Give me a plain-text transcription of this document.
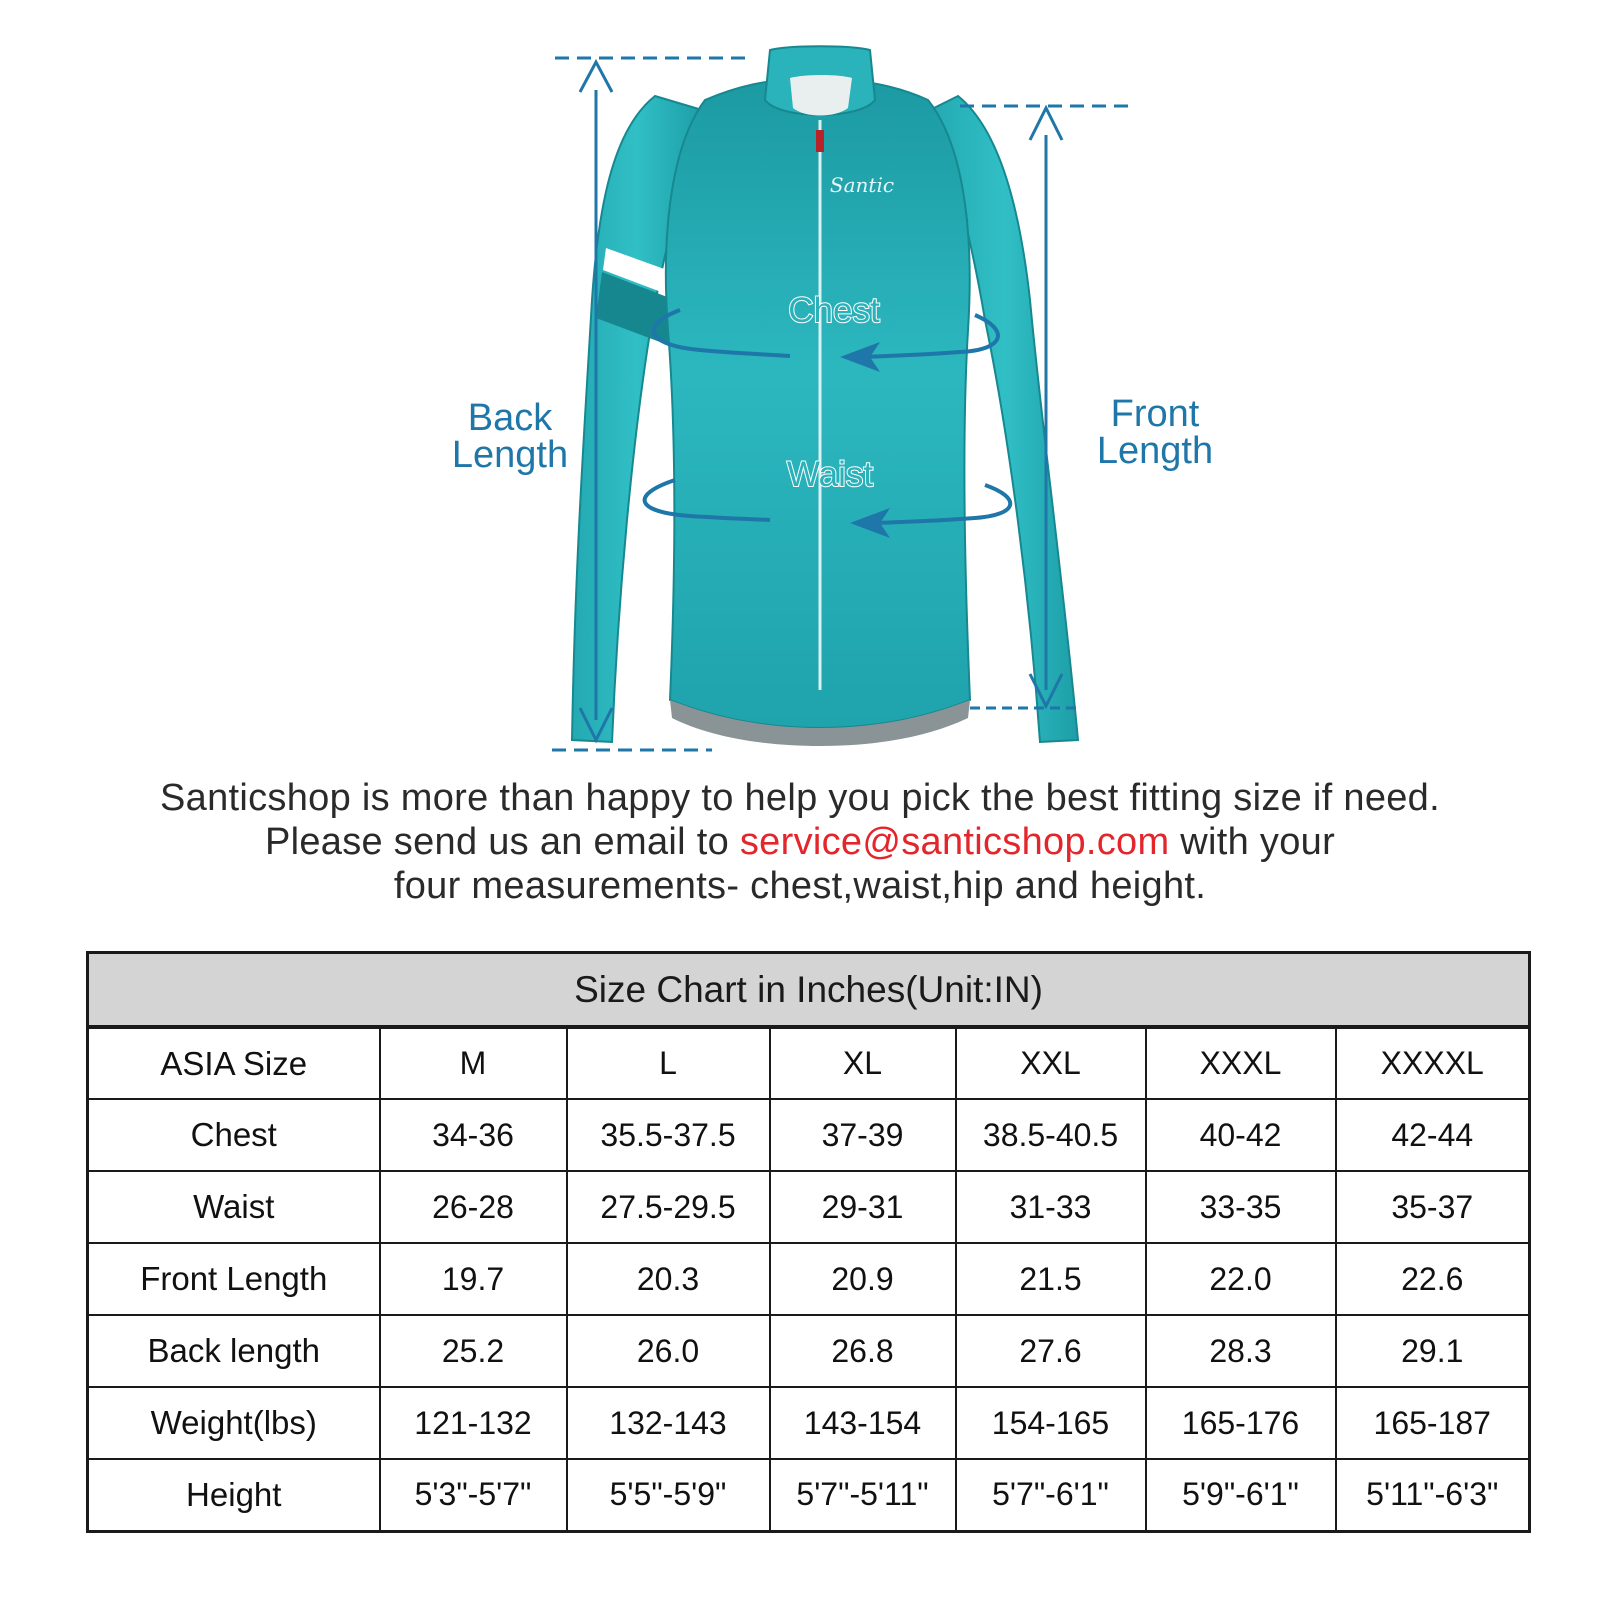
Santic
Chest
Waist
Back
Length
Front
Length
Santicshop is more than happy to help you pick the best fitting size if need.
Please send us an email to service@santicshop.com with your
four measurements- chest,waist,hip and height.
Size Chart in Inches(Unit:IN)						
ASIA Size	M	L	XL	XXL	XXXL	XXXXL
Chest	34-36	35.5-37.5	37-39	38.5-40.5	40-42	42-44
Waist	26-28	27.5-29.5	29-31	31-33	33-35	35-37
Front Length	19.7	20.3	20.9	21.5	22.0	22.6
Back length	25.2	26.0	26.8	27.6	28.3	29.1
Weight(lbs)	121-132	132-143	143-154	154-165	165-176	165-187
Height	5'3"-5'7"	5'5"-5'9"	5'7"-5'11"	5'7"-6'1"	5'9"-6'1"	5'11"-6'3"
